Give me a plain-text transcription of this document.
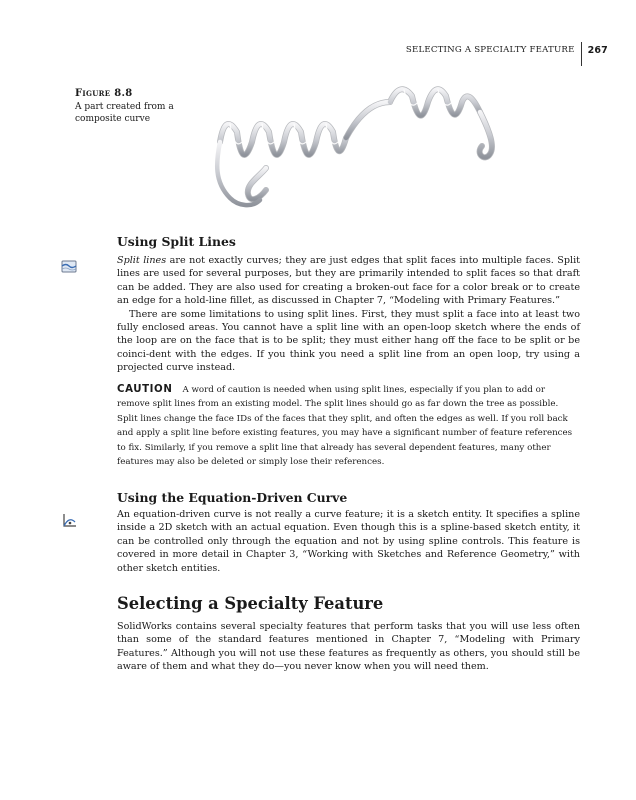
SELECTING A SPECIALTY FEATURE	267
Figure 8.8
A part created from a composite curve
Using Split Lines

Split lines are not exactly curves; they are just edges that split faces into multiple faces. Split lines are used for several purposes, but they are primarily intended to split faces so that draft can be added. They are also used for creating a broken-out face for a color break or to create an edge for a hold-line fillet, as discussed in Chapter 7, “Modeling with Primary Features.”

There are some limitations to using split lines. First, they must split a face into at least two fully enclosed areas. You cannot have a split line with an open-loop sketch where the ends of the loop are on the face that is to be split; they must either hang off the face to be split or be coinci-dent with the edges. If you think you need a split line from an open loop, try using a projected curve instead.

CAUTION A word of caution is needed when using split lines, especially if you plan to add or remove split lines from an existing model. The split lines should go as far down the tree as possible. Split lines change the face IDs of the faces that they split, and often the edges as well. If you roll back and apply a split line before existing features, you may have a significant number of feature references to fix. Similarly, if you remove a split line that already has several dependent features, many other features may also be deleted or simply lose their references.
Using the Equation-Driven Curve

An equation-driven curve is not really a curve feature; it is a sketch entity. It specifies a spline inside a 2D sketch with an actual equation. Even though this is a spline-based sketch entity, it can be controlled only through the equation and not by using spline controls. This feature is covered in more detail in Chapter 3, “Working with Sketches and Reference Geometry,” with other sketch entities.

Selecting a Specialty Feature

SolidWorks contains several specialty features that perform tasks that you will use less often than some of the standard features mentioned in Chapter 7, “Modeling with Primary Features.” Although you will not use these features as frequently as others, you should still be aware of them and what they do—you never know when you will need them.
